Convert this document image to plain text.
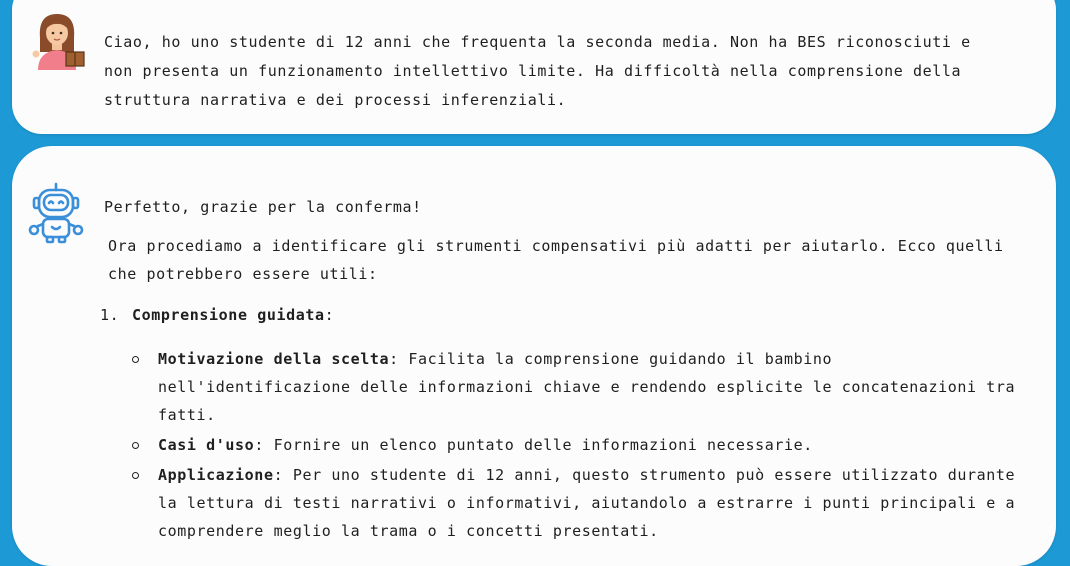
Ciao, ho uno studente di 12 anni che frequenta la seconda media. Non ha BES riconosciuti e non presenta un funzionamento intellettivo limite. Ha difficoltà nella comprensione della struttura narrativa e dei processi inferenziali.

Perfetto, grazie per la conferma!

Ora procediamo a identificare gli strumenti compensativi più adatti per aiutarlo. Ecco quelli che potrebbero essere utili:

1. Comprensione guidata:
Motivazione della scelta: Facilita la comprensione guidando il bambino nell'identificazione delle informazioni chiave e rendendo esplicite le concatenazioni tra fatti.
Casi d'uso: Fornire un elenco puntato delle informazioni necessarie.
Applicazione: Per uno studente di 12 anni, questo strumento può essere utilizzato durante la lettura di testi narrativi o informativi, aiutandolo a estrarre i punti principali e a comprendere meglio la trama o i concetti presentati.
